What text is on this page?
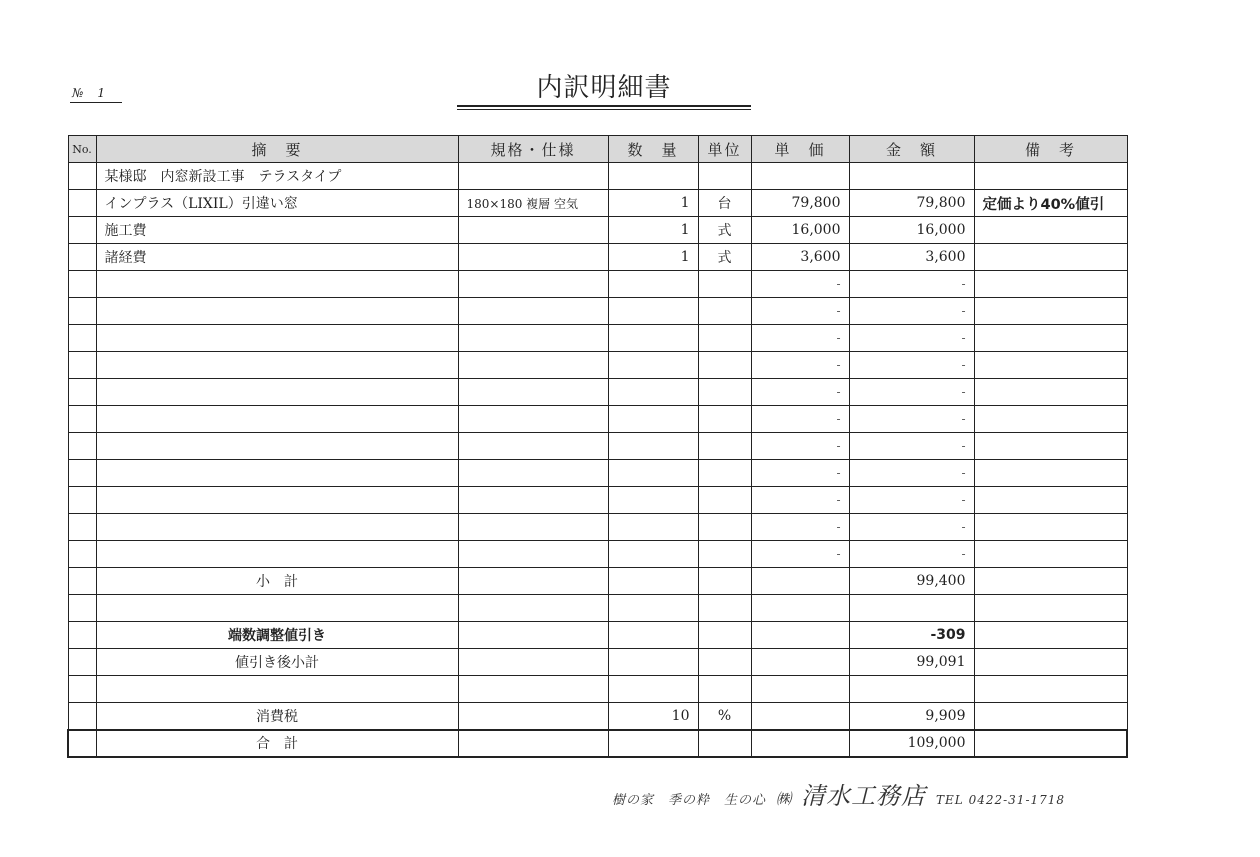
№ 1	内訳明細書
No.	摘　要	規格・仕様	数　量	単位	単　価	金　額	備　考
	某様邸　内窓新設工事　テラスタイプ						
	インプラス（LIXIL）引違い窓	180×180 複層 空気	1	台	79,800	79,800	定価より40%値引
	施工費		1	式	16,000	16,000	
	諸経費		1	式	3,600	3,600	
					-	-	
					-	-	
					-	-	
					-	-	
					-	-	
					-	-	
					-	-	
					-	-	
					-	-	
					-	-	
					-	-	
	小　計					99,400	

	端数調整値引き					-309	
	値引き後小計					99,091	

	消費税		10	%		9,909	
	合　計					109,000	
樹の家　季の粋　生の心 ㈱ 清水工務店 TEL 0422-31-1718
